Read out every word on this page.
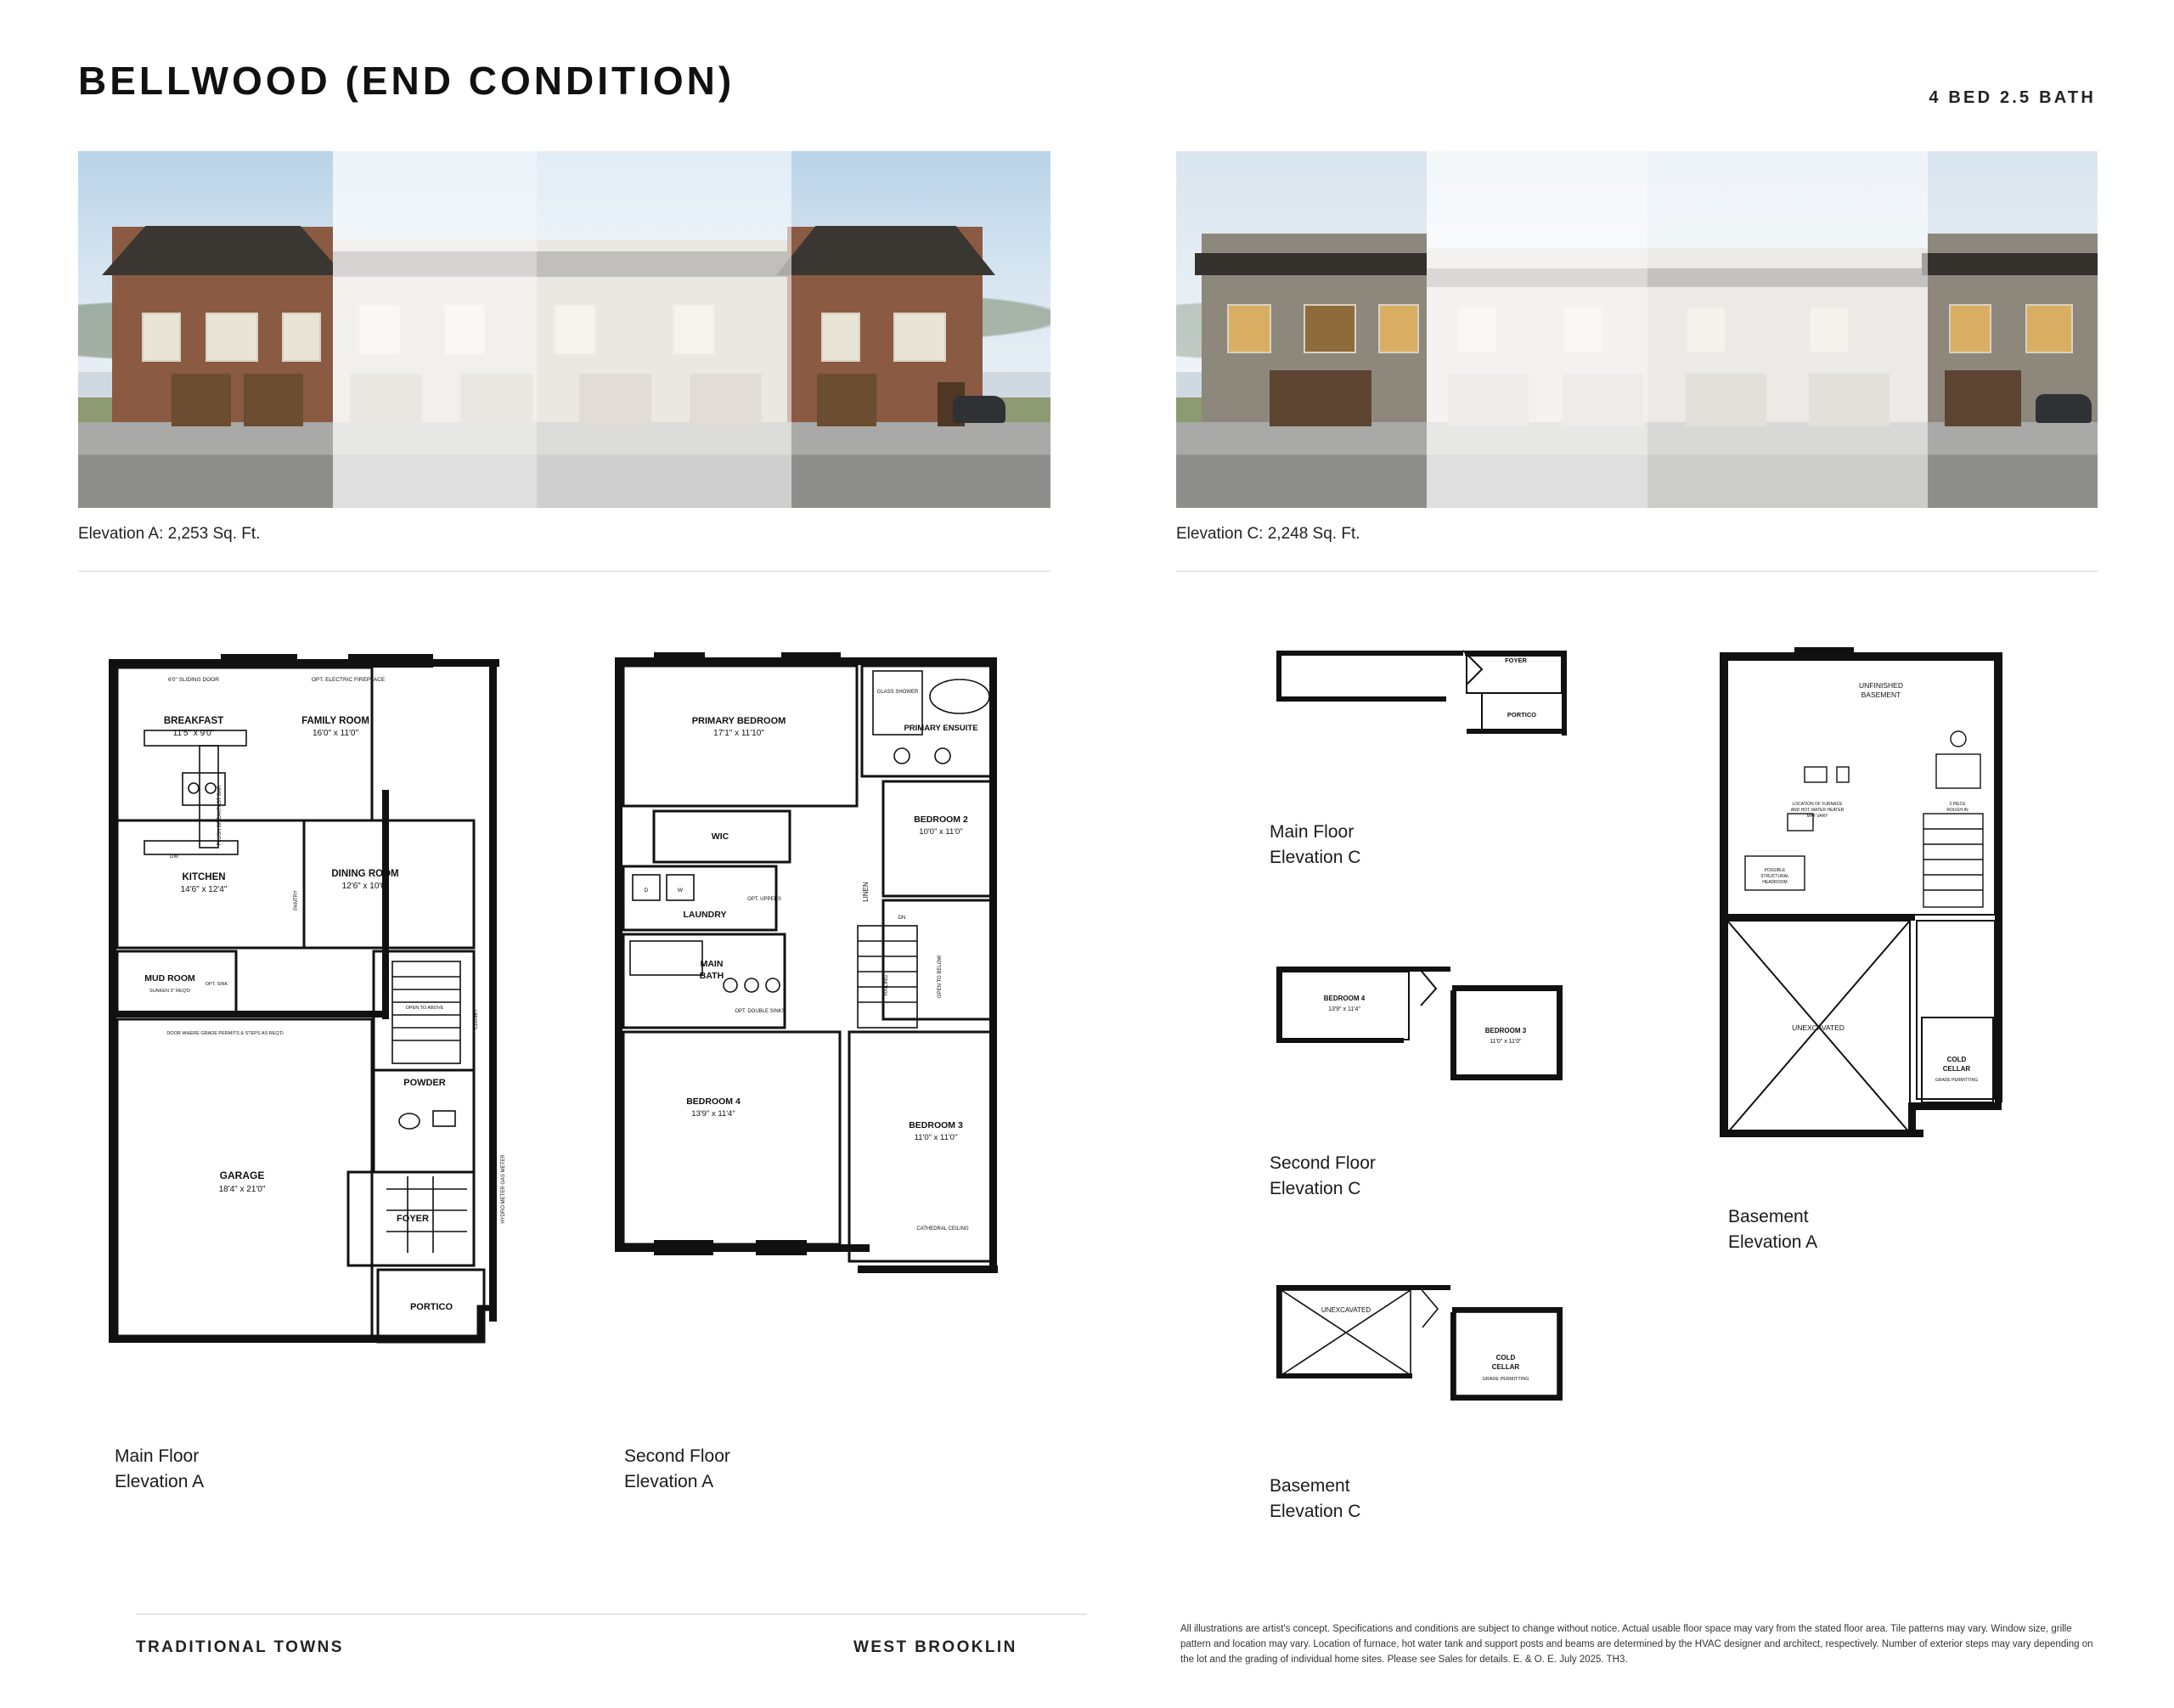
BELLWOOD (END CONDITION)	4 BED 2.5 BATH
Elevation A: 2,253 Sq. Ft.	Elevation C: 2,248 Sq. Ft.
BREAKFAST
11'5" x 9'0"
FAMILY ROOM
16'0" x 11'0"
KITCHEN
14'6" x 12'4"
DINING ROOM
12'6" x 10'0"
MUD ROOM
GARAGE
18'4" x 21'0"
POWDER
FOYER
PORTICO
6'0" SLIDING DOOR	OPT. ELECTRIC FIREPLACE
FLUSH BREAKFAST BAR
DW
PANTRY
SUNKEN 3" REQ'D
OPT. SINK
DOOR WHERE GRADE PERMITS & STEPS AS REQ'D
OPEN TO ABOVE
CLOSET
HYDRO METER GAS METER
Main Floor
Elevation A
PRIMARY BEDROOM
17'1" x 11'10"
PRIMARY ENSUITE
WIC
BEDROOM 2
10'0" x 11'0"
LAUNDRY
MAIN
BATH
LINEN
BEDROOM 4
13'9" x 11'4"
BEDROOM 3
11'0" x 11'0"
GLASS SHOWER
OPT. UPPERS
D	W
OPT. DOUBLE SINKS
OPEN TO BELOW
RAILING
DN
CATHEDRAL CEILING
Second Floor
Elevation A
FOYER
PORTICO
Main Floor
Elevation C
BEDROOM 4
13'9" x 11'4"
BEDROOM 3
11'0" x 11'0"
Second Floor
Elevation C
UNEXCAVATED
COLD
CELLAR
GRADE PERMITTING
Basement
Elevation C
UNFINISHED
BASEMENT
LOCATION OF FURNACE
AND HOT WATER HEATER
MAY VARY
3 PIECE
ROUGH-IN
POSSIBLE
STRUCTURAL
HEADROOM
UNEXCAVATED
COLD
CELLAR
GRADE PERMITTING
Basement
Elevation A
TRADITIONAL TOWNS	WEST BROOKLIN
All illustrations are artist's concept. Specifications and conditions are subject to change without notice. Actual usable floor space may vary from the stated floor area. Tile patterns may vary. Window size, grille pattern and location may vary. Location of furnace, hot water tank and support posts and beams are determined by the HVAC designer and architect, respectively. Number of exterior steps may vary depending on the lot and the grading of individual home sites. Please see Sales for details. E. & O. E. July 2025. TH3.
